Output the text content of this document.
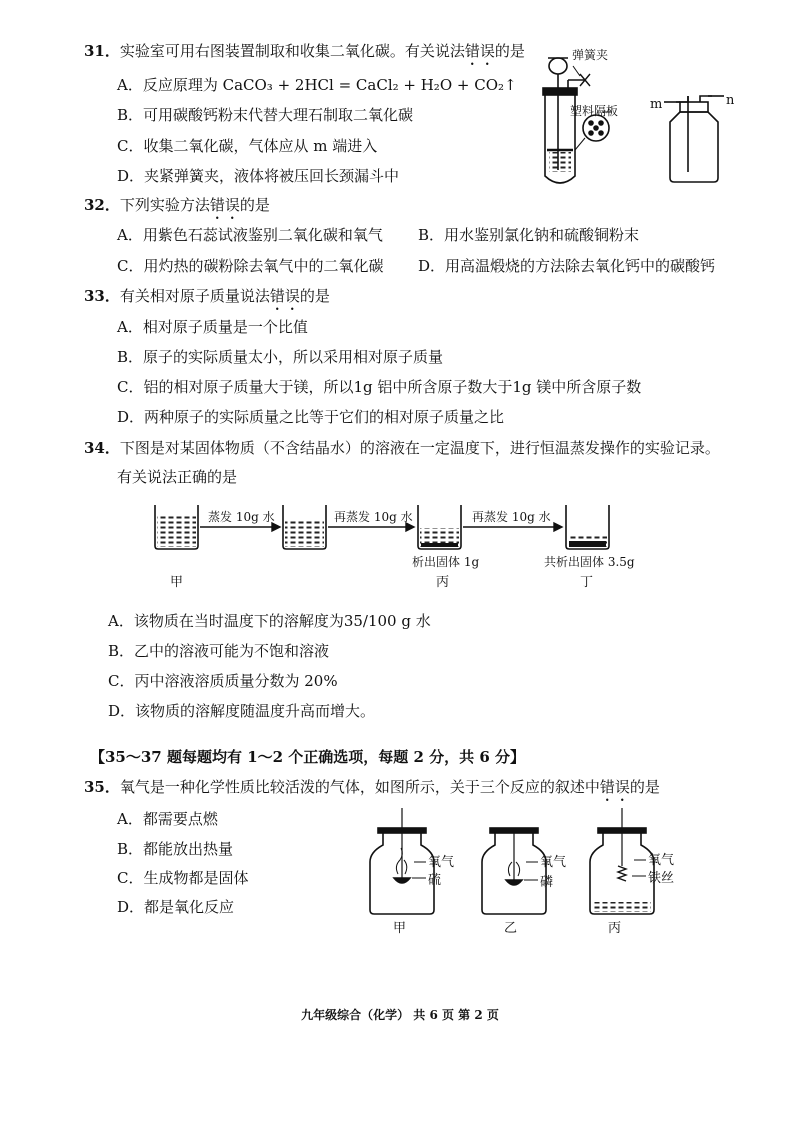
31．实验室可用右图装置制取和收集二氧化碳。有关说法错误的是
A．反应原理为 CaCO₃ + 2HCl = CaCl₂ + H₂O + CO₂↑
B．可用碳酸钙粉末代替大理石制取二氧化碳
C．收集二氧化碳，气体应从 m 端进入
D．夹紧弹簧夹，液体将被压回长颈漏斗中
32．下列实验方法错误的是
A．用紫色石蕊试液鉴别二氧化碳和氧气 B．用水鉴别氯化钠和硫酸铜粉末
C．用灼热的碳粉除去氧气中的二氧化碳 D．用高温煅烧的方法除去氧化钙中的碳酸钙
33．有关相对原子质量说法错误的是
A．相对原子质量是一个比值
B．原子的实际质量太小，所以采用相对原子质量
C．铝的相对原子质量大于镁，所以1g 铝中所含原子数大于1g 镁中所含原子数
D．两种原子的实际质量之比等于它们的相对原子质量之比
34．下图是对某固体物质（不含结晶水）的溶液在一定温度下，进行恒温蒸发操作的实验记录。
有关说法正确的是
A．该物质在当时温度下的溶解度为35/100 g 水
B．乙中的溶液可能为不饱和溶液
C．丙中溶液溶质质量分数为 20%
D．该物质的溶解度随温度升高而增大。
【35～37 题每题均有 1～2 个正确选项，每题 2 分，共 6 分】
35．氧气是一种化学性质比较活泼的气体，如图所示，关于三个反应的叙述中错误的是
A．都需要点燃
B．都能放出热量
C．生成物都是固体
D．都是氧化反应
弹簧夹
塑料隔板 m	n
蒸发 10g 水	再蒸发 10g 水	再蒸发 10g 水
析出固体 1g	共析出固体 3.5g
甲	丙	丁
氧气
硫
甲
氧气
磷
乙
氧气
铁丝
丙
九年级综合（化学） 共 6 页 第 2 页
